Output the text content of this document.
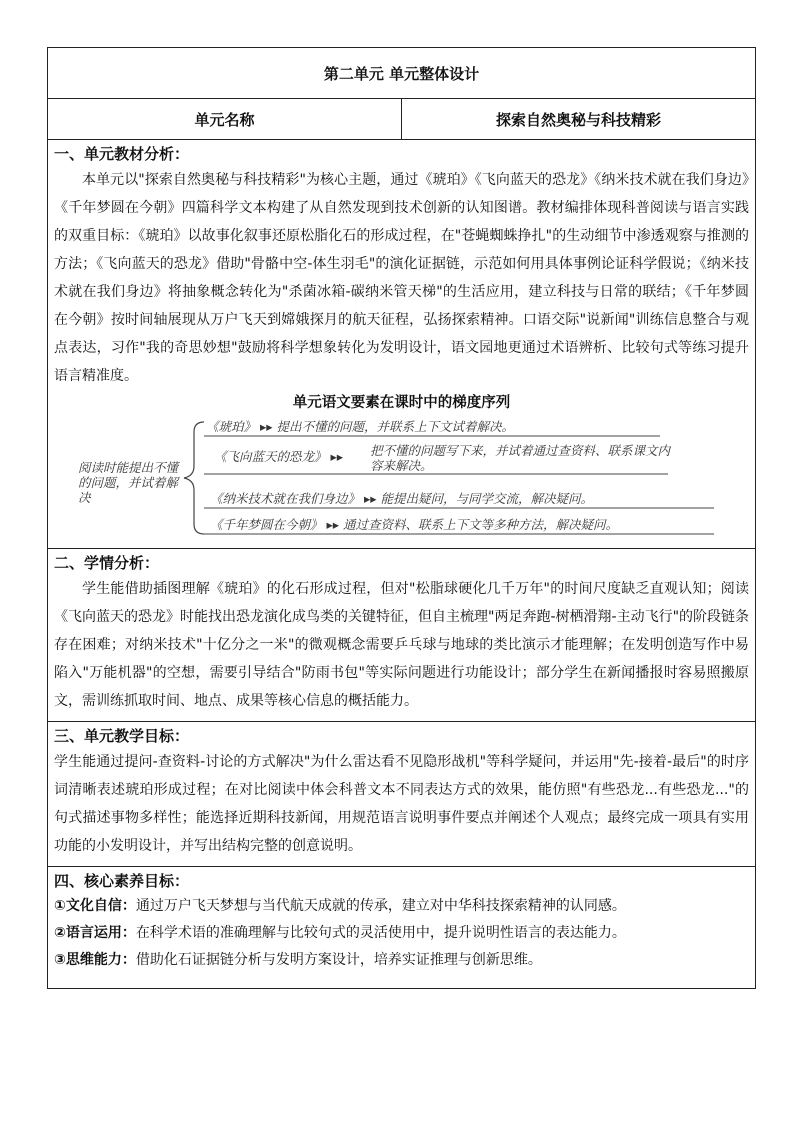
第二单元 单元整体设计
单元名称	探索自然奥秘与科技精彩

一、单元教材分析：
本单元以"探索自然奥秘与科技精彩"为核心主题，通过《琥珀》《飞向蓝天的恐龙》《纳米技术就在我们身边》《千年梦圆在今朝》四篇科学文本构建了从自然发现到技术创新的认知图谱。教材编排体现科普阅读与语言实践的双重目标：《琥珀》以故事化叙事还原松脂化石的形成过程，在"苍蝇蜘蛛挣扎"的生动细节中渗透观察与推测的方法；《飞向蓝天的恐龙》借助"骨骼中空-体生羽毛"的演化证据链，示范如何用具体事例论证科学假说；《纳米技术就在我们身边》将抽象概念转化为"杀菌冰箱-碳纳米管天梯"的生活应用，建立科技与日常的联结；《千年梦圆在今朝》按时间轴展现从万户飞天到嫦娥探月的航天征程，弘扬探索精神。口语交际"说新闻"训练信息整合与观点表达，习作"我的奇思妙想"鼓励将科学想象转化为发明设计，语文园地更通过术语辨析、比较句式等练习提升语言精准度。
单元语文要素在课时中的梯度序列
阅读时能提出不懂的问题，并试着解决
《琥珀》 ▸▸ 提出不懂的问题，并联系上下文试着解决。
《飞向蓝天的恐龙》 ▸▸ 把不懂的问题写下来，并试着通过查资料、联系课文内容来解决。
《纳米技术就在我们身边》 ▸▸ 能提出疑问，与同学交流，解决疑问。
《千年梦圆在今朝》 ▸▸ 通过查资料、联系上下文等多种方法，解决疑问。

二、学情分析：
学生能借助插图理解《琥珀》的化石形成过程，但对"松脂球硬化几千万年"的时间尺度缺乏直观认知；阅读《飞向蓝天的恐龙》时能找出恐龙演化成鸟类的关键特征，但自主梳理"两足奔跑-树栖滑翔-主动飞行"的阶段链条存在困难；对纳米技术"十亿分之一米"的微观概念需要乒乓球与地球的类比演示才能理解；在发明创造写作中易陷入"万能机器"的空想，需要引导结合"防雨书包"等实际问题进行功能设计；部分学生在新闻播报时容易照搬原文，需训练抓取时间、地点、成果等核心信息的概括能力。

三、单元教学目标：
学生能通过提问-查资料-讨论的方式解决"为什么雷达看不见隐形战机"等科学疑问，并运用"先-接着-最后"的时序词清晰表述琥珀形成过程；在对比阅读中体会科普文本不同表达方式的效果，能仿照"有些恐龙...有些恐龙..."的句式描述事物多样性；能选择近期科技新闻，用规范语言说明事件要点并阐述个人观点；最终完成一项具有实用功能的小发明设计，并写出结构完整的创意说明。

四、核心素养目标：
①文化自信：通过万户飞天梦想与当代航天成就的传承，建立对中华科技探索精神的认同感。
②语言运用：在科学术语的准确理解与比较句式的灵活使用中，提升说明性语言的表达能力。
③思维能力：借助化石证据链分析与发明方案设计，培养实证推理与创新思维。
